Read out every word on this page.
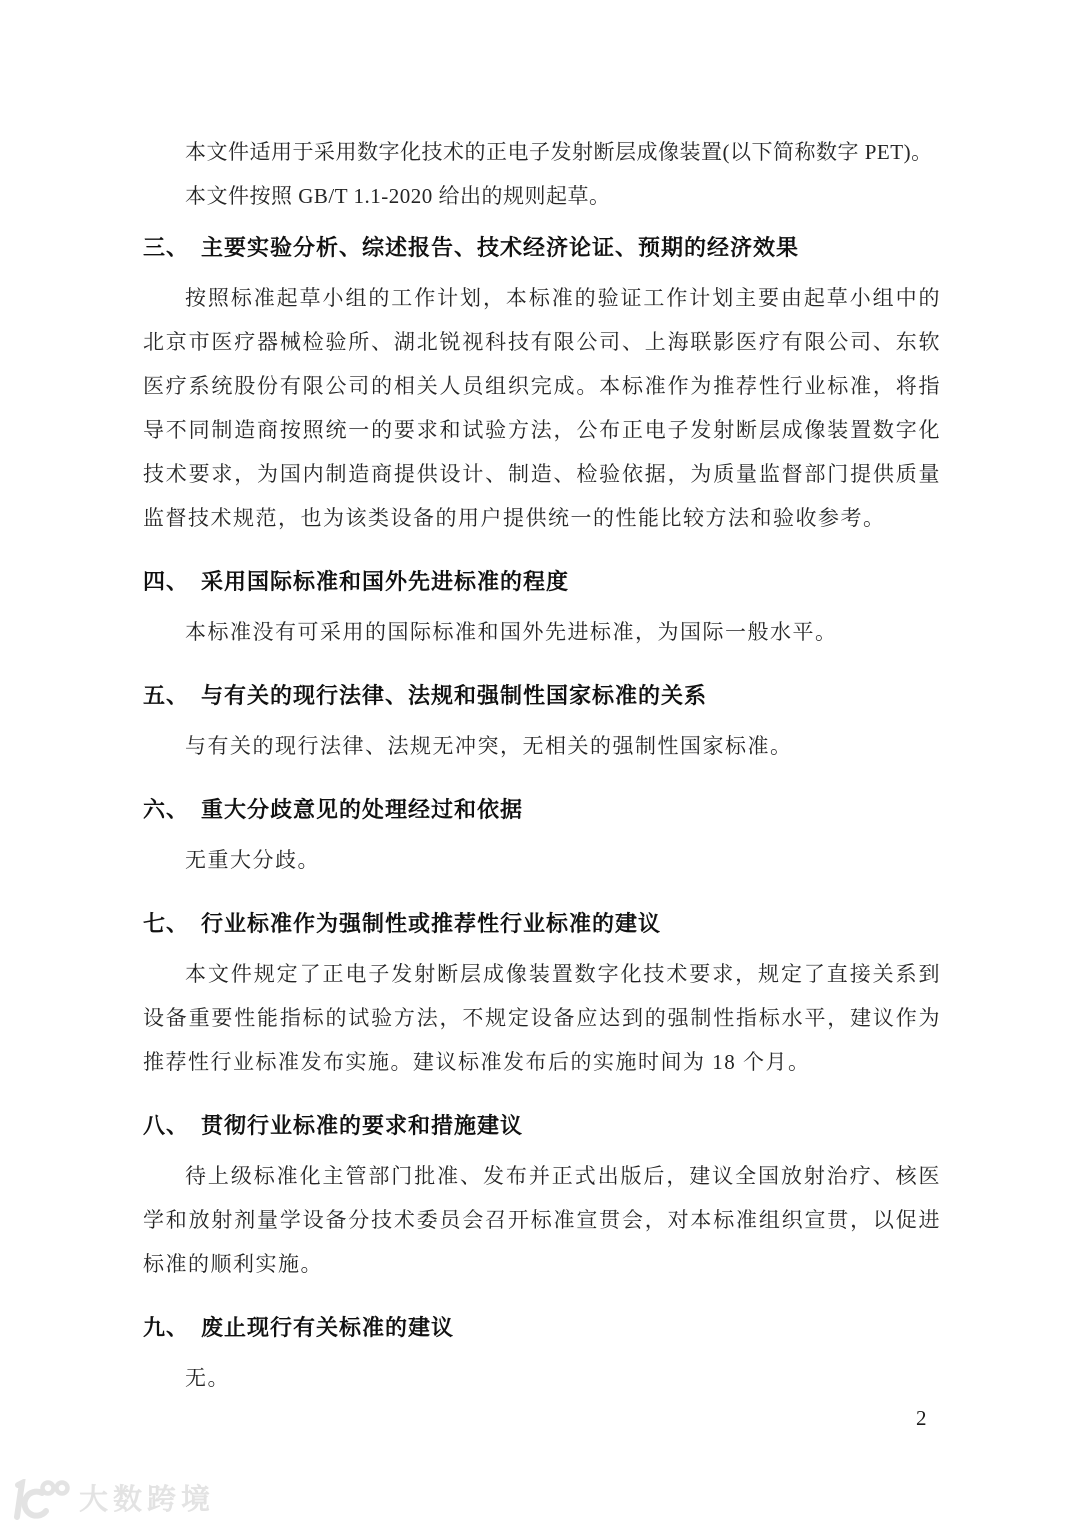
本文件适用于采用数字化技术的正电子发射断层成像装置(以下简称数字 PET)。

本文件按照 GB/T 1.1-2020 给出的规则起草。

三、　主要实验分析、综述报告、技术经济论证、预期的经济效果

按照标准起草小组的工作计划，本标准的验证工作计划主要由起草小组中的北京市医疗器械检验所、湖北锐视科技有限公司、上海联影医疗有限公司、东软医疗系统股份有限公司的相关人员组织完成。本标准作为推荐性行业标准，将指导不同制造商按照统一的要求和试验方法，公布正电子发射断层成像装置数字化技术要求，为国内制造商提供设计、制造、检验依据，为质量监督部门提供质量监督技术规范，也为该类设备的用户提供统一的性能比较方法和验收参考。

四、　采用国际标准和国外先进标准的程度

本标准没有可采用的国际标准和国外先进标准，为国际一般水平。

五、　与有关的现行法律、法规和强制性国家标准的关系

与有关的现行法律、法规无冲突，无相关的强制性国家标准。

六、　重大分歧意见的处理经过和依据

无重大分歧。

七、　行业标准作为强制性或推荐性行业标准的建议

本文件规定了正电子发射断层成像装置数字化技术要求，规定了直接关系到设备重要性能指标的试验方法，不规定设备应达到的强制性指标水平，建议作为推荐性行业标准发布实施。建议标准发布后的实施时间为 18 个月。

八、　贯彻行业标准的要求和措施建议

待上级标准化主管部门批准、发布并正式出版后，建议全国放射治疗、核医学和放射剂量学设备分技术委员会召开标准宣贯会，对本标准组织宣贯，以促进标准的顺利实施。

九、　废止现行有关标准的建议

无。

2
大数跨境
